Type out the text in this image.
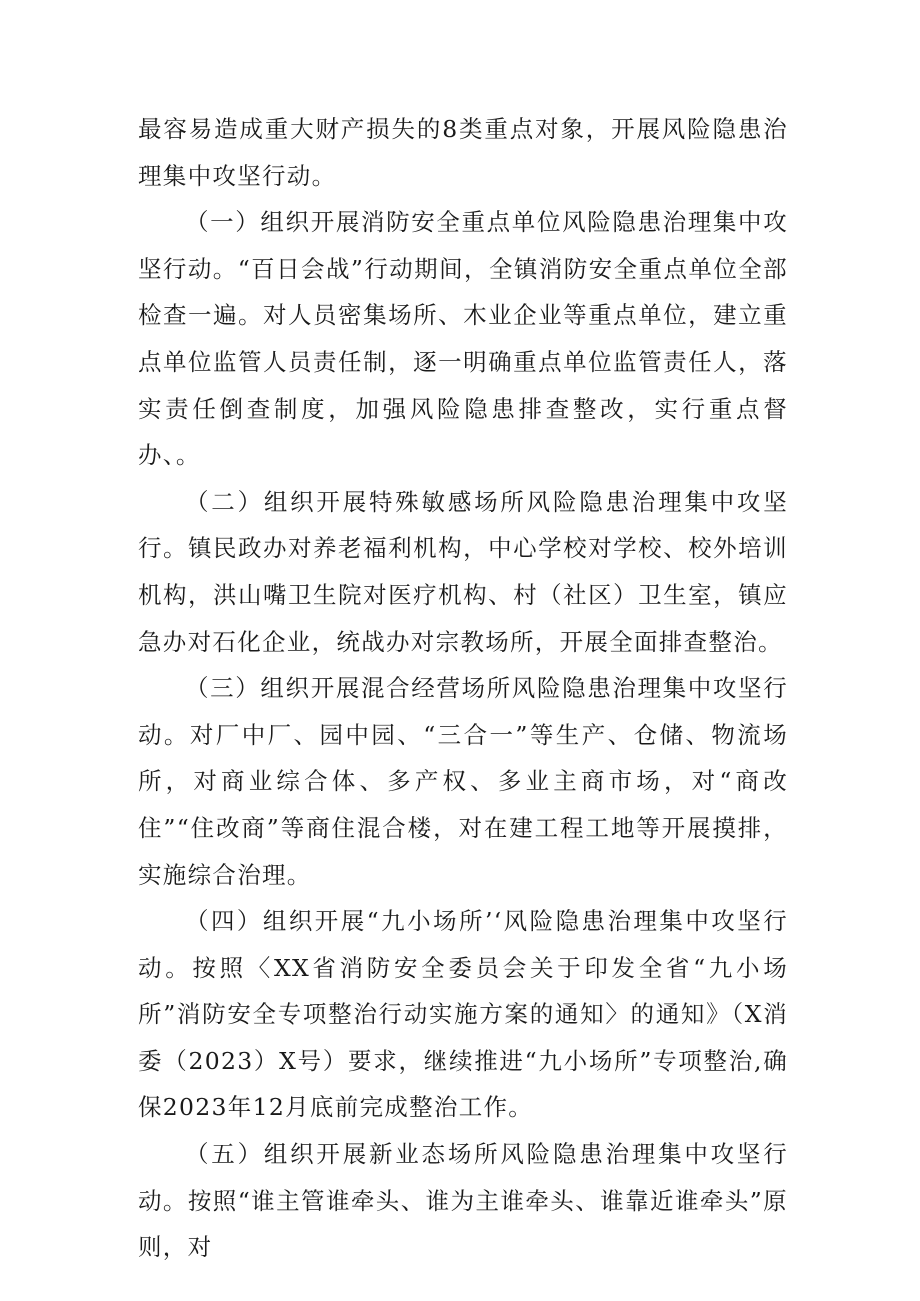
最容易造成重大财产损失的8类重点对象，开展风险隐患治理集中攻坚行动。

（一）组织开展消防安全重点单位风险隐患治理集中攻坚行动。“百日会战”行动期间，全镇消防安全重点单位全部检查一遍。对人员密集场所、木业企业等重点单位，建立重点单位监管人员责任制，逐一明确重点单位监管责任人，落实责任倒查制度，加强风险隐患排查整改，实行重点督办、。

（二）组织开展特殊敏感场所风险隐患治理集中攻坚行。镇民政办对养老福利机构，中心学校对学校、校外培训机构，洪山嘴卫生院对医疗机构、村（社区）卫生室，镇应急办对石化企业，统战办对宗教场所，开展全面排查整治。

（三）组织开展混合经营场所风险隐患治理集中攻坚行动。对厂中厂、园中园、“三合一”等生产、仓储、物流场所，对商业综合体、多产权、多业主商市场，对“商改住”“住改商”等商住混合楼，对在建工程工地等开展摸排，实施综合治理。

（四）组织开展“九小场所’‘风险隐患治理集中攻坚行动。按照〈XX省消防安全委员会关于印发全省“九小场所”消防安全专项整治行动实施方案的通知〉的通知》（X消委（2023）X号）要求，继续推进“九小场所”专项整治,确保2023年12月底前完成整治工作。

（五）组织开展新业态场所风险隐患治理集中攻坚行动。按照“谁主管谁牵头、谁为主谁牵头、谁靠近谁牵头”原则，对
